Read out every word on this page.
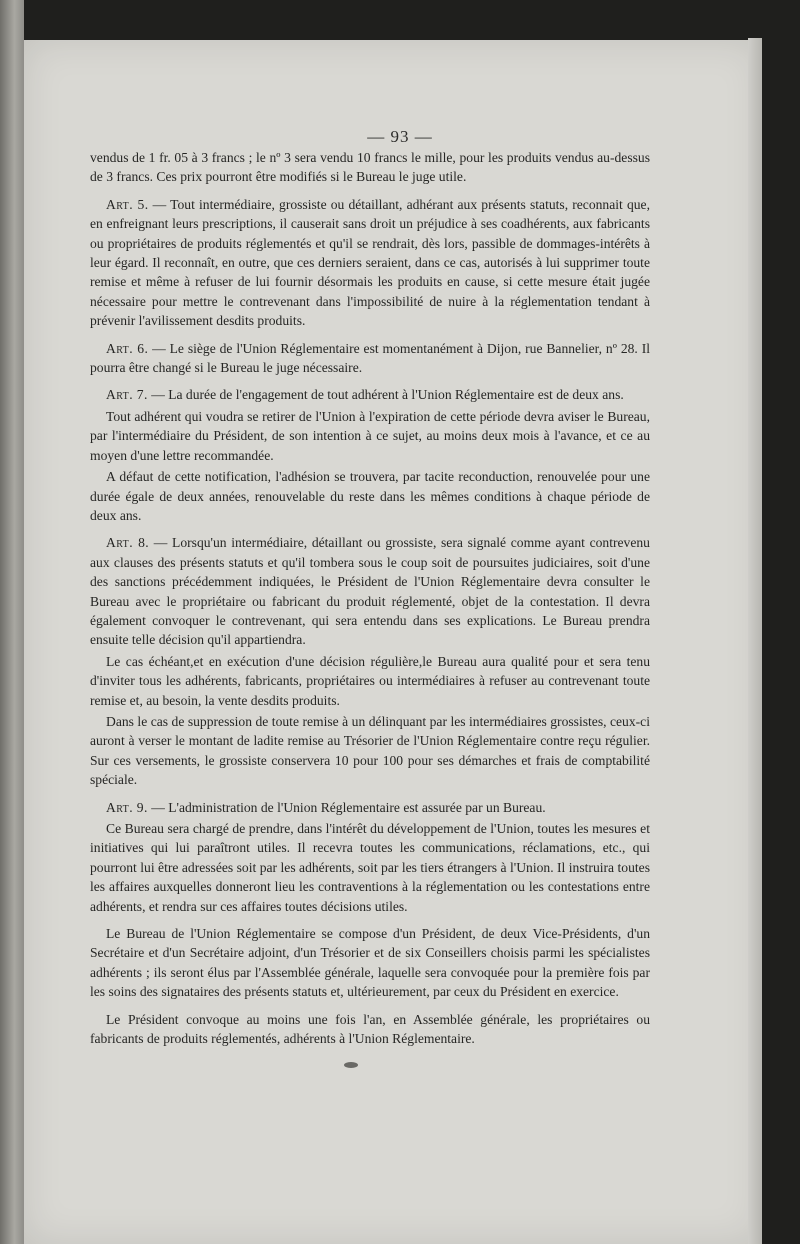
— 93 —

vendus de 1 fr. 05 à 3 francs ; le nº 3 sera vendu 10 francs le mille, pour les produits vendus au-dessus de 3 francs. Ces prix pourront être modifiés si le Bureau le juge utile.

Art. 5. — Tout intermédiaire, grossiste ou détaillant, adhérant aux présents statuts, reconnait que, en enfreignant leurs prescriptions, il causerait sans droit un préjudice à ses coadhérents, aux fabricants ou propriétaires de produits réglementés et qu'il se rendrait, dès lors, passible de dommages-intérêts à leur égard. Il reconnaît, en outre, que ces derniers seraient, dans ce cas, autorisés à lui supprimer toute remise et même à refuser de lui fournir désormais les produits en cause, si cette mesure était jugée nécessaire pour mettre le contrevenant dans l'impossibilité de nuire à la réglementation tendant à prévenir l'avilissement desdits produits.

Art. 6. — Le siège de l'Union Réglementaire est momentanément à Dijon, rue Bannelier, nº 28. Il pourra être changé si le Bureau le juge nécessaire.

Art. 7. — La durée de l'engagement de tout adhérent à l'Union Réglementaire est de deux ans.

Tout adhérent qui voudra se retirer de l'Union à l'expiration de cette période devra aviser le Bureau, par l'intermédiaire du Président, de son intention à ce sujet, au moins deux mois à l'avance, et ce au moyen d'une lettre recommandée.

A défaut de cette notification, l'adhésion se trouvera, par tacite reconduction, renouvelée pour une durée égale de deux années, renouvelable du reste dans les mêmes conditions à chaque période de deux ans.

Art. 8. — Lorsqu'un intermédiaire, détaillant ou grossiste, sera signalé comme ayant contrevenu aux clauses des présents statuts et qu'il tombera sous le coup soit de poursuites judiciaires, soit d'une des sanctions précédemment indiquées, le Président de l'Union Réglementaire devra consulter le Bureau avec le propriétaire ou fabricant du produit réglementé, objet de la contestation. Il devra également convoquer le contrevenant, qui sera entendu dans ses explications. Le Bureau prendra ensuite telle décision qu'il appartiendra.

Le cas échéant,et en exécution d'une décision régulière,le Bureau aura qualité pour et sera tenu d'inviter tous les adhérents, fabricants, propriétaires ou intermédiaires à refuser au contrevenant toute remise et, au besoin, la vente desdits produits.

Dans le cas de suppression de toute remise à un délinquant par les intermédiaires grossistes, ceux-ci auront à verser le montant de ladite remise au Trésorier de l'Union Réglementaire contre reçu régulier. Sur ces versements, le grossiste conservera 10 pour 100 pour ses démarches et frais de comptabilité spéciale.

Art. 9. — L'administration de l'Union Réglementaire est assurée par un Bureau.

Ce Bureau sera chargé de prendre, dans l'intérêt du développement de l'Union, toutes les mesures et initiatives qui lui paraîtront utiles. Il recevra toutes les communications, réclamations, etc., qui pourront lui être adressées soit par les adhérents, soit par les tiers étrangers à l'Union. Il instruira toutes les affaires auxquelles donneront lieu les contraventions à la réglementation ou les contestations entre adhérents, et rendra sur ces affaires toutes décisions utiles.

Le Bureau de l'Union Réglementaire se compose d'un Président, de deux Vice-Présidents, d'un Secrétaire et d'un Secrétaire adjoint, d'un Trésorier et de six Conseillers choisis parmi les spécialistes adhérents ; ils seront élus par l'Assemblée générale, laquelle sera convoquée pour la première fois par les soins des signataires des présents statuts et, ultérieurement, par ceux du Président en exercice.

Le Président convoque au moins une fois l'an, en Assemblée générale, les propriétaires ou fabricants de produits réglementés, adhérents à l'Union Réglementaire.
